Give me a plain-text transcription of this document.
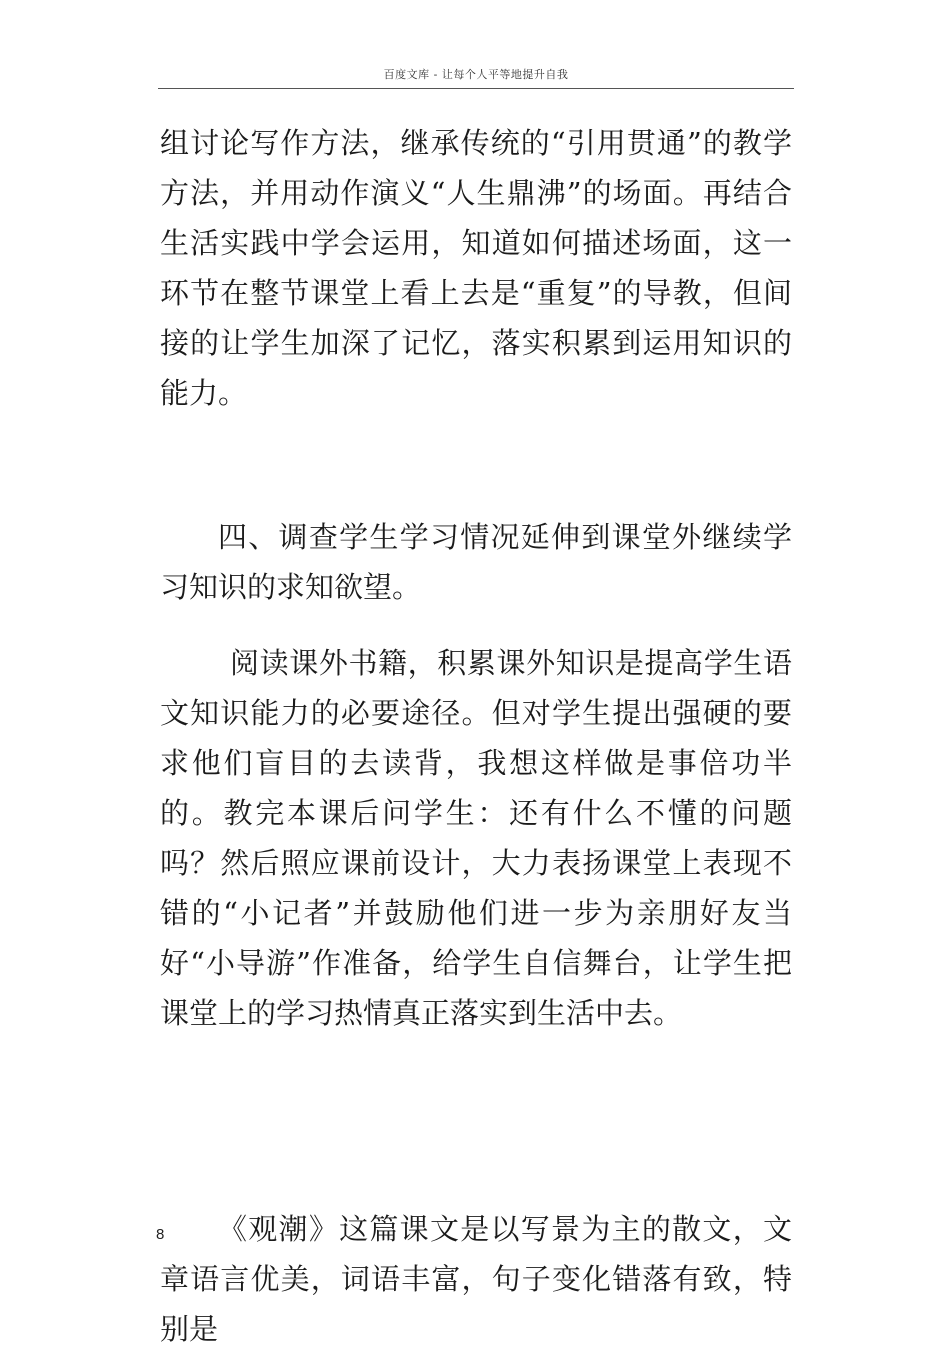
百度文库 - 让每个人平等地提升自我

组讨论写作方法，继承传统的“引用贯通”的教学方法，并用动作演义“人生鼎沸”的场面。再结合生活实践中学会运用，知道如何描述场面，这一环节在整节课堂上看上去是“重复”的导教，但间接的让学生加深了记忆，落实积累到运用知识的能力。

四、调查学生学习情况延伸到课堂外继续学习知识的求知欲望。

阅读课外书籍，积累课外知识是提高学生语文知识能力的必要途径。但对学生提出强硬的要求他们盲目的去读背，我想这样做是事倍功半的。教完本课后问学生：还有什么不懂的问题吗？然后照应课前设计，大力表扬课堂上表现不错的“小记者”并鼓励他们进一步为亲朋好友当好“小导游”作准备，给学生自信舞台，让学生把课堂上的学习热情真正落实到生活中去。

《观潮》这篇课文是以写景为主的散文，文章语言优美，词语丰富，句子变化错落有致，特别是

8
